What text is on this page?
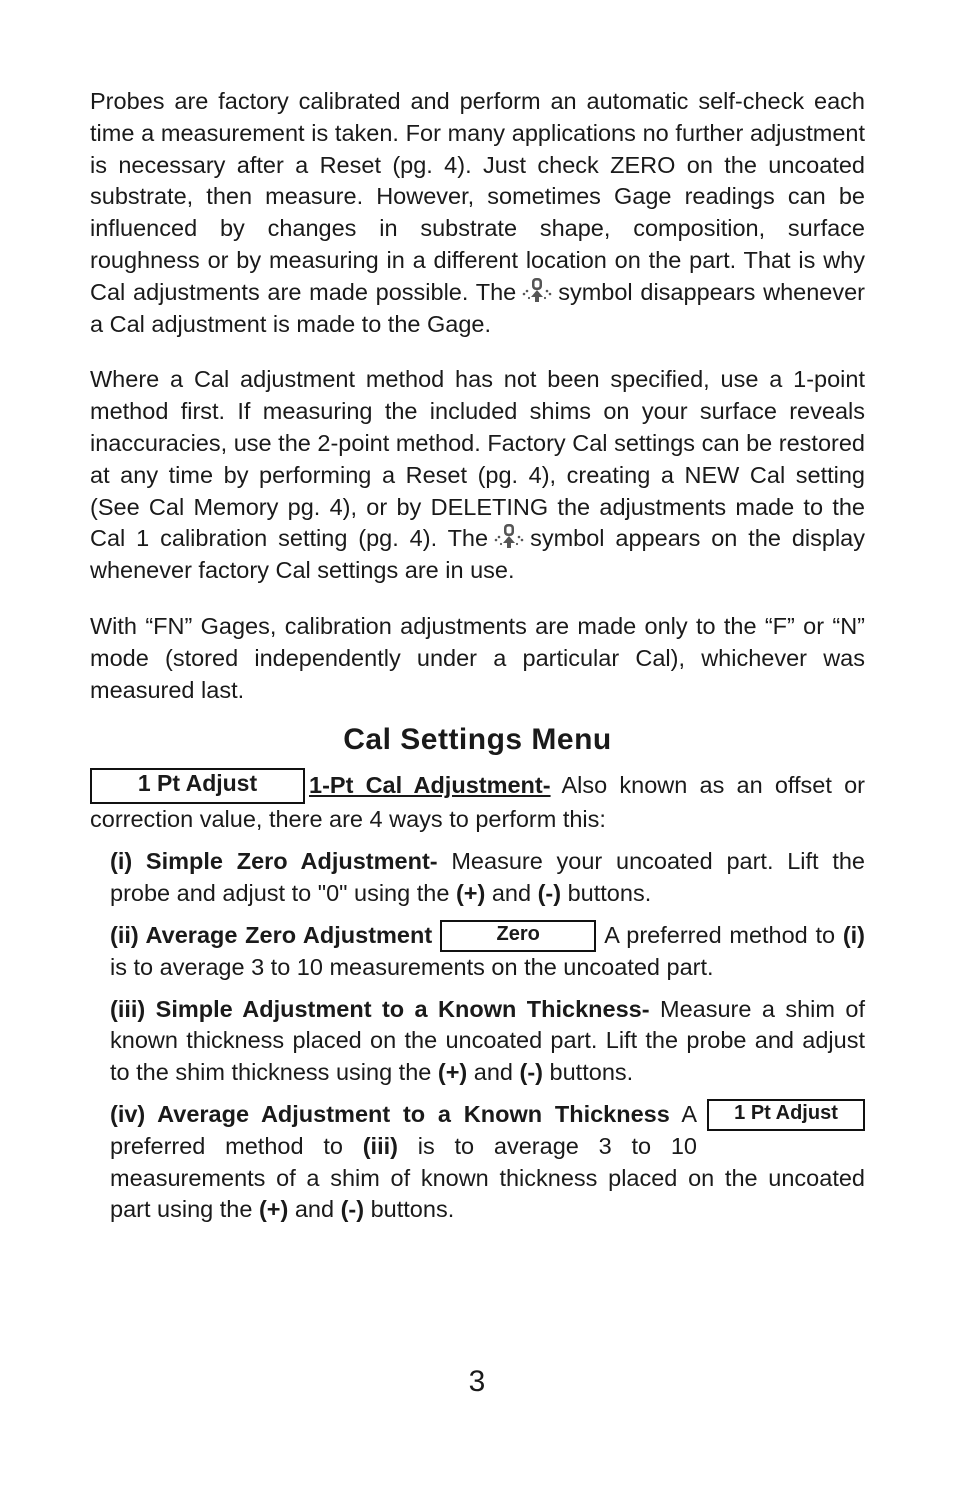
Probes are factory calibrated and perform an automatic self-check each time a measurement is taken. For many applications no further adjustment is necessary after a Reset (pg. 4). Just check ZERO on the uncoated substrate, then measure. However, sometimes Gage readings can be influenced by changes in substrate shape, composition, surface roughness or by measuring in a different location on the part. That is why Cal adjustments are made possible. The symbol disappears whenever a Cal adjustment is made to the Gage.

Where a Cal adjustment method has not been specified, use a 1-point method first. If measuring the included shims on your surface reveals inaccuracies, use the 2-point method. Factory Cal settings can be restored at any time by performing a Reset (pg. 4), creating a NEW Cal setting (See Cal Memory pg. 4), or by DELETING the adjustments made to the Cal 1 calibration setting (pg. 4). The symbol appears on the display whenever factory Cal settings are in use.

With “FN” Gages, calibration adjustments are made only to the “F” or “N” mode (stored independently under a particular Cal), whichever was measured last.

Cal Settings Menu

1 Pt Adjust 1-Pt Cal Adjustment- Also known as an offset or correction value, there are 4 ways to perform this:

(i) Simple Zero Adjustment- Measure your uncoated part. Lift the probe and adjust to "0" using the (+) and (-) buttons.

(ii) Average Zero Adjustment	Zero	A preferred method to (i) is to average 3 to 10 measurements on the uncoated part.

(iii) Simple Adjustment to a Known Thickness- Measure a shim of known thickness placed on the uncoated part. Lift the probe and adjust to the shim thickness using the (+) and (-) buttons.

1 Pt Adjust
(iv) Average Adjustment to a Known Thickness A preferred method to (iii) is to average 3 to 10 measurements of a shim of known thickness placed on the uncoated part using the (+) and (-) buttons.

3
